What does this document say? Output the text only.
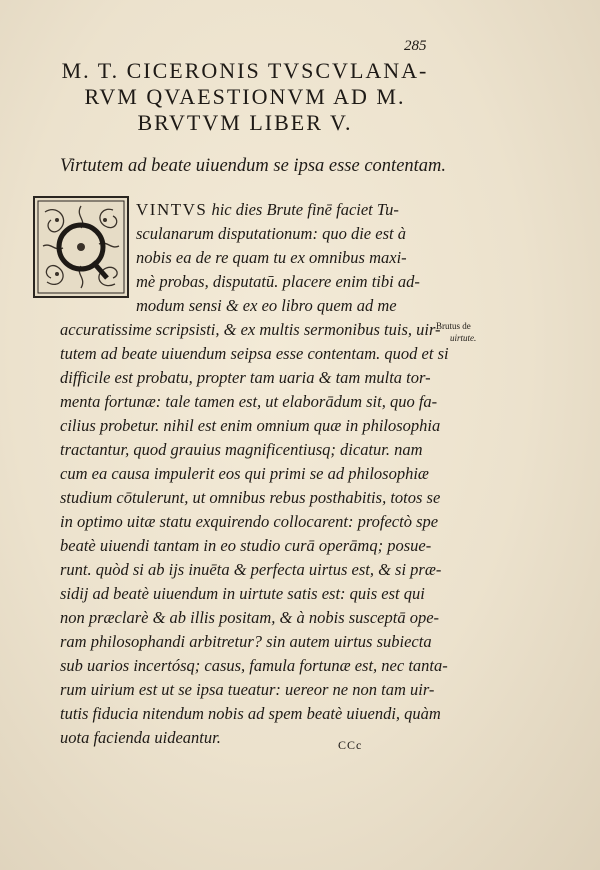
285
M. T. CICERONIS TVSCVLANA-
RVM QVAESTIONVM AD M.
BRVTVM LIBER V.
Virtutem ad beate uiuendum se ipsa esse contentam.
VINTVS hic dies Brute finē faciet Tu-
sculanarum disputationum: quo die est à
nobis ea de re quam tu ex omnibus maxi-
mè probas, disputatū. placere enim tibi ad-
modum sensi & ex eo libro quem ad me
accuratissime scripsisti, & ex multis sermonibus tuis, uir-
tutem ad beate uiuendum seipsa esse contentam. quod et si
difficile est probatu, propter tam uaria & tam multa tor-
menta fortunæ: tale tamen est, ut elaborādum sit, quo fa-
cilius probetur. nihil est enim omnium quæ in philosophia
tractantur, quod grauius magnificentiusq; dicatur. nam
cum ea causa impulerit eos qui primi se ad philosophiæ
studium cōtulerunt, ut omnibus rebus posthabitis, totos se
in optimo uitæ statu exquirendo collocarent: profectò spe
beatè uiuendi tantam in eo studio curā operāmq; posue-
runt. quòd si ab ijs inuēta & perfecta uirtus est, & si præ-
sidij ad beatè uiuendum in uirtute satis est: quis est qui
non præclarè & ab illis positam, & à nobis susceptā ope-
ram philosophandi arbitretur? sin autem uirtus subiecta
sub uarios incertósq; casus, famula fortunæ est, nec tanta-
rum uirium est ut se ipsa tueatur: uereor ne non tam uir-
tutis fiducia nitendum nobis ad spem beatè uiuendi, quàm
uota facienda uideantur.
Brutus de
uirtute.
CCc
